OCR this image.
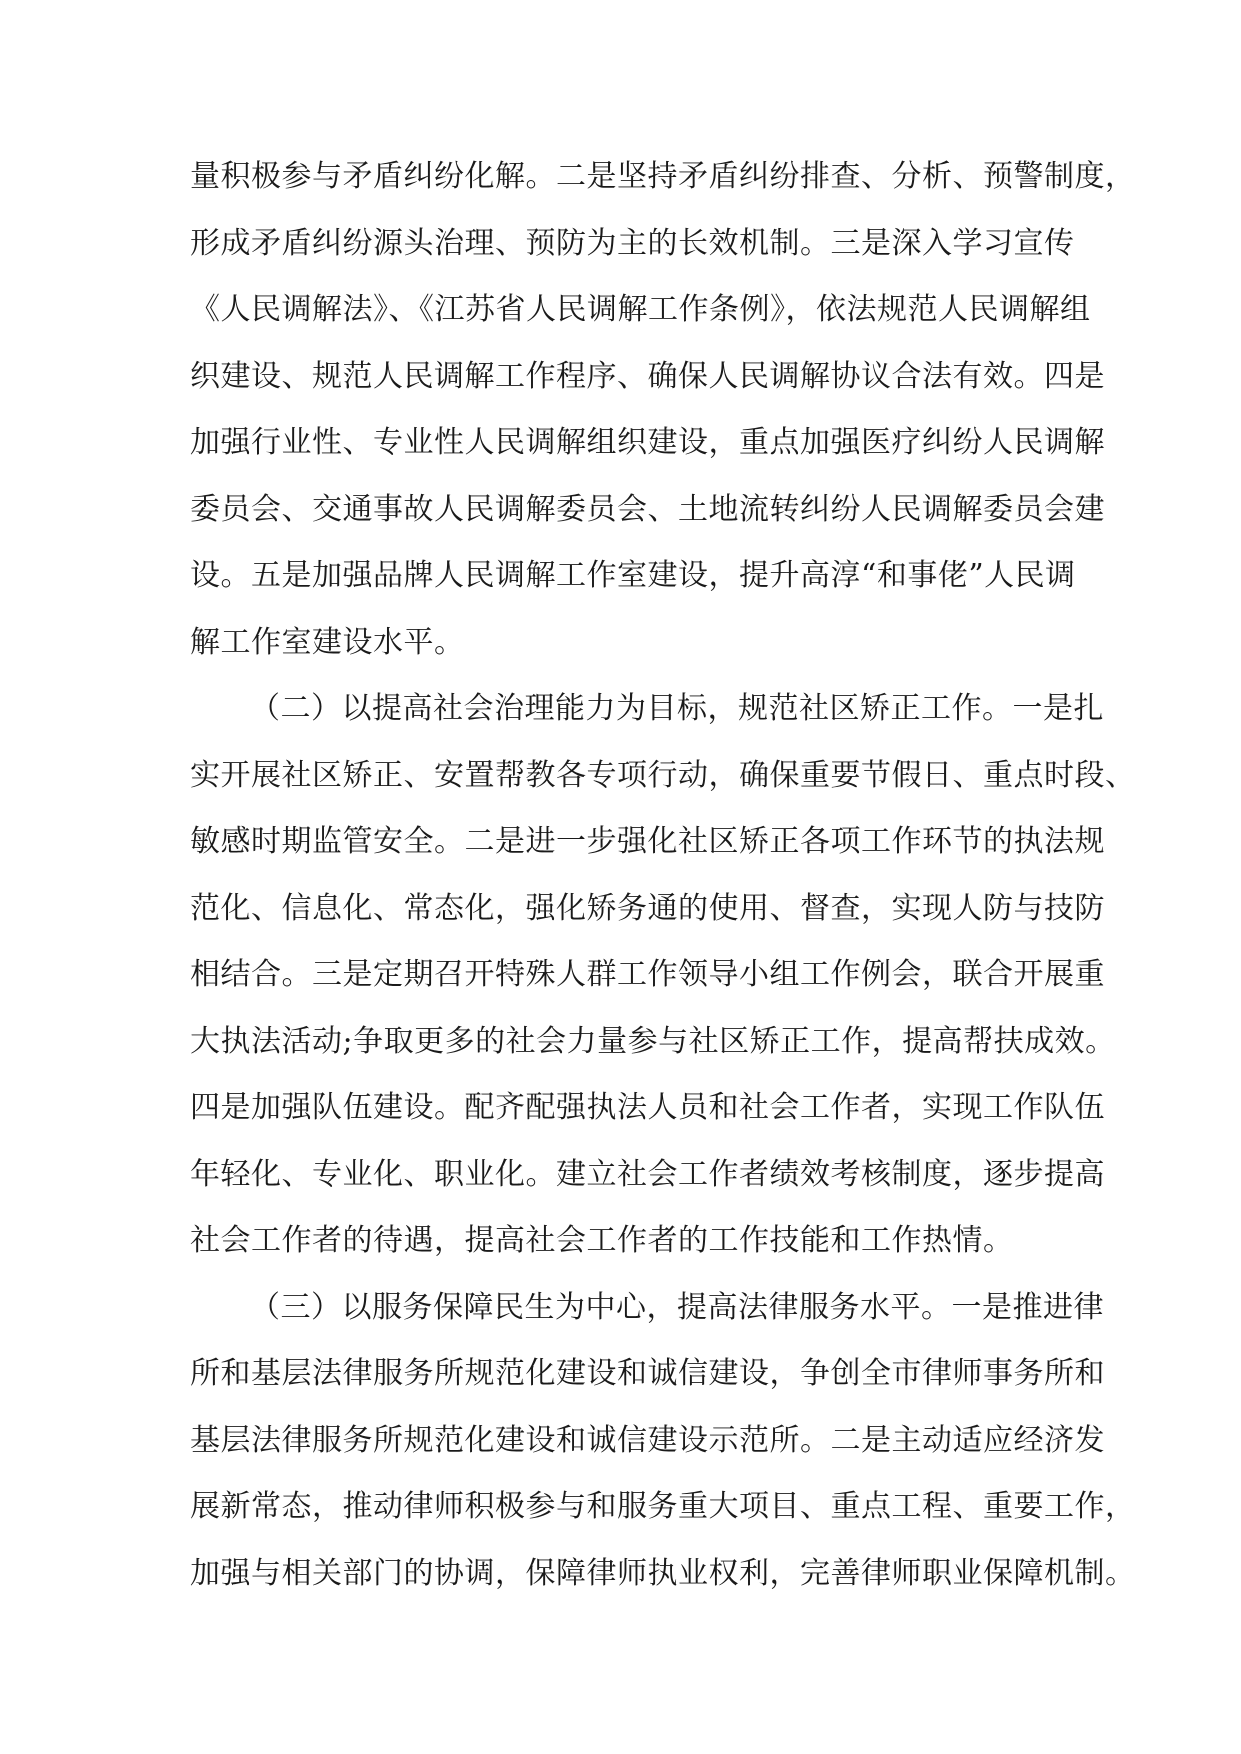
量积极参与矛盾纠纷化解。二是坚持矛盾纠纷排查、分析、预警制度，
形成矛盾纠纷源头治理、预防为主的长效机制。三是深入学习宣传
《人民调解法》、《江苏省人民调解工作条例》，依法规范人民调解组
织建设、规范人民调解工作程序、确保人民调解协议合法有效。四是
加强行业性、专业性人民调解组织建设，重点加强医疗纠纷人民调解
委员会、交通事故人民调解委员会、土地流转纠纷人民调解委员会建
设。五是加强品牌人民调解工作室建设，提升高淳“和事佬”人民调
解工作室建设水平。
（二）以提高社会治理能力为目标，规范社区矫正工作。一是扎
实开展社区矫正、安置帮教各专项行动，确保重要节假日、重点时段、
敏感时期监管安全。二是进一步强化社区矫正各项工作环节的执法规
范化、信息化、常态化，强化矫务通的使用、督查，实现人防与技防
相结合。三是定期召开特殊人群工作领导小组工作例会，联合开展重
大执法活动;争取更多的社会力量参与社区矫正工作，提高帮扶成效。
四是加强队伍建设。配齐配强执法人员和社会工作者，实现工作队伍
年轻化、专业化、职业化。建立社会工作者绩效考核制度，逐步提高
社会工作者的待遇，提高社会工作者的工作技能和工作热情。
（三）以服务保障民生为中心，提高法律服务水平。一是推进律
所和基层法律服务所规范化建设和诚信建设，争创全市律师事务所和
基层法律服务所规范化建设和诚信建设示范所。二是主动适应经济发
展新常态，推动律师积极参与和服务重大项目、重点工程、重要工作，
加强与相关部门的协调，保障律师执业权利，完善律师职业保障机制。
